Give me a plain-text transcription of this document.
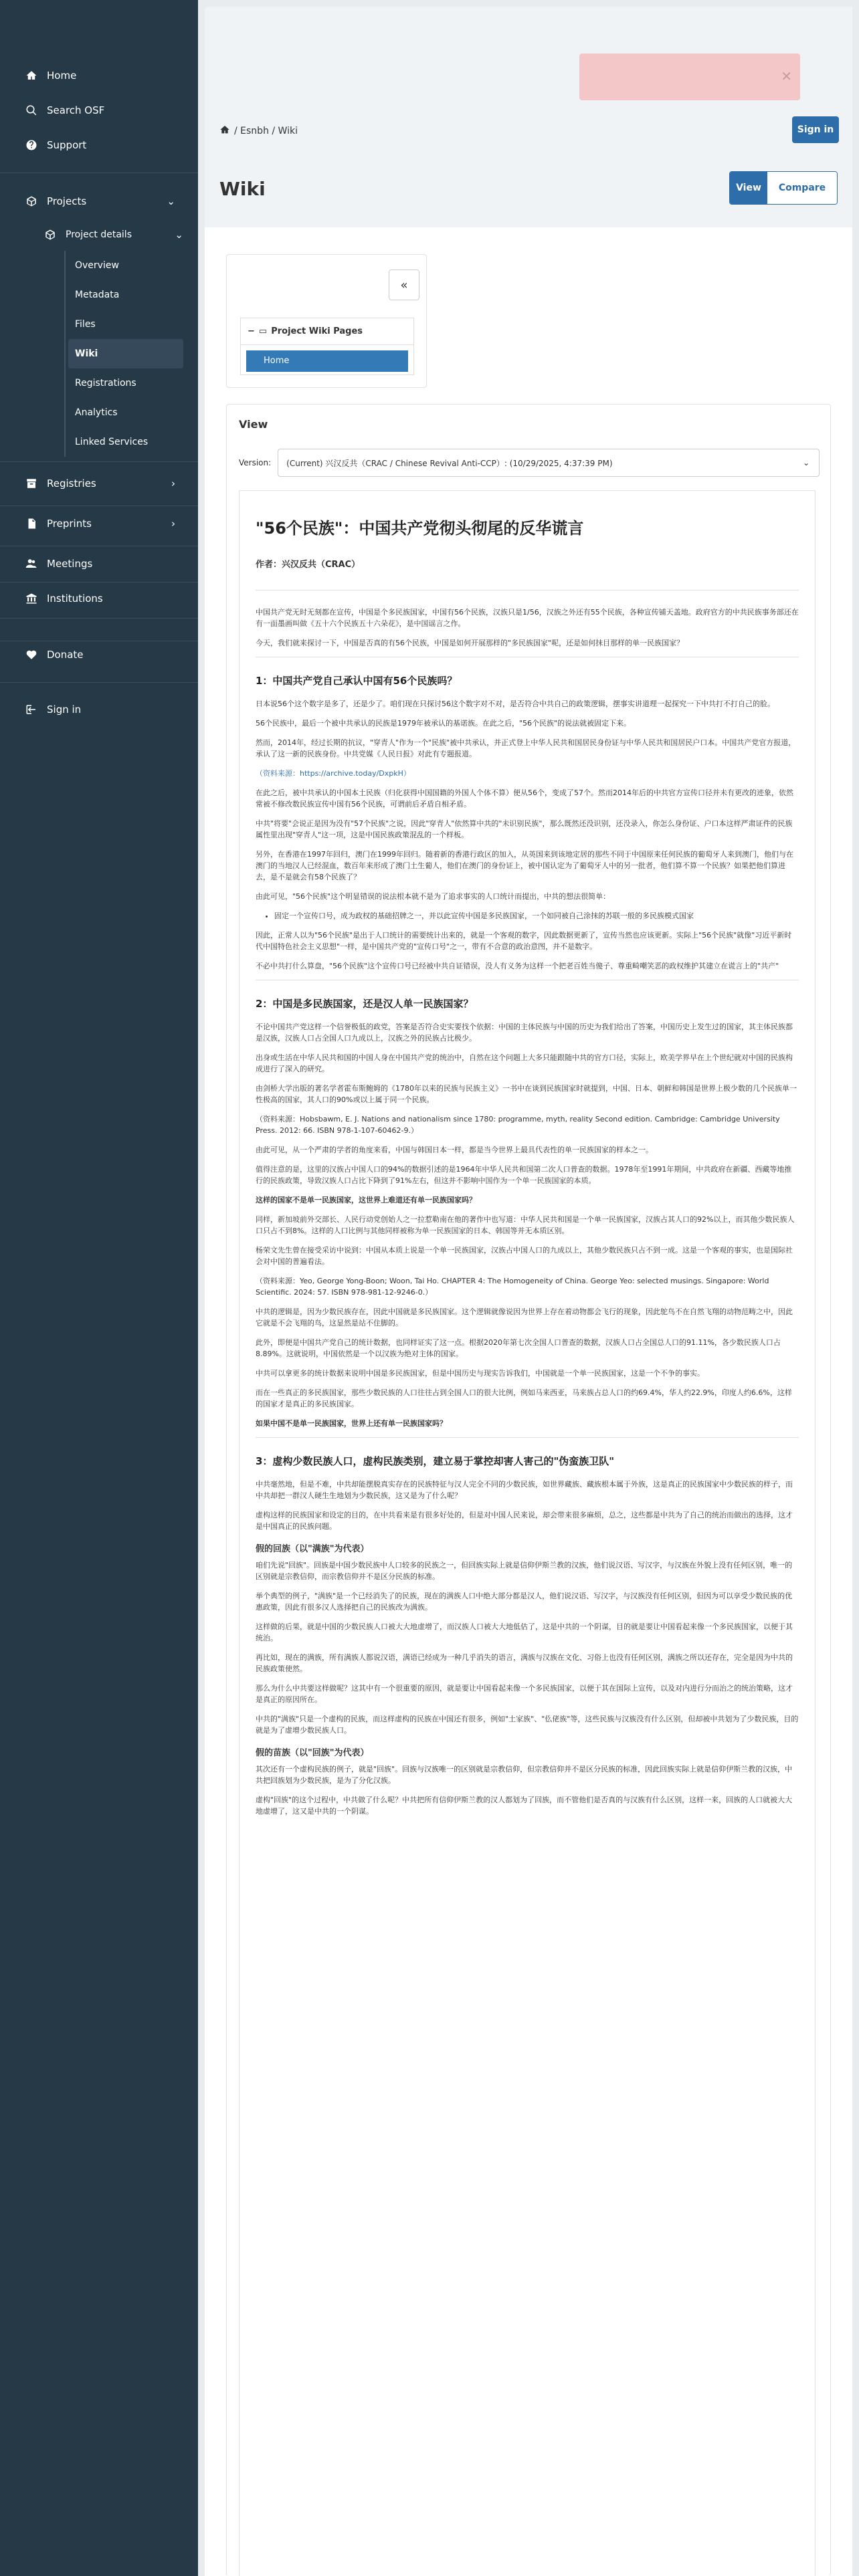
Home
Search OSF
Support
Projects	⌄
Project details	⌄
Overview
Metadata
Files
Wiki
Registrations
Analytics
Linked Services
Registries	›
Preprints	›
Meetings
Institutions
Donate
Sign in
✕
/ Esnbh / Wiki	Sign in
Wiki	View	Compare
«
− ▭ Project Wiki Pages
Home
View
Version: (Current) 兴汉反共（CRAC / Chinese Revival Anti-CCP）: (10/29/2025, 4:37:39 PM)	⌄
"56个民族"：中国共产党彻头彻尾的反华谎言
作者：兴汉反共（CRAC）

中国共产党无时无刻都在宣传，中国是个多民族国家，中国有56个民族，汉族只是1/56，汉族之外还有55个民族，各种宣传铺天盖地。政府官方的中共民族事务部还在有一面墨画叫做《五十六个民族五十六朵花》，是中国谣言之作。

今天，我们就来探讨一下，中国是否真的有56个民族，中国是如何开展那样的"多民族国家"呢，还是如何抹目那样的单一民族国家？

1：中国共产党自己承认中国有56个民族吗？

日本说56个这个数字是多了，还是少了。咱们现在只探讨56这个数字对不对，是否符合中共自己的政策逻辑，摆事实讲道理一起探究一下中共打不打自己的脸。

56个民族中，最后一个被中共承认的民族是1979年被承认的基诺族。在此之后，"56个民族"的说法就被固定下来。

然而，2014年，经过长期的抗议，"穿青人"作为一个"民族"被中共承认，并正式登上中华人民共和国居民身份证与中华人民共和国居民户口本。中国共产党官方报道，承认了这一新的民族身份。中共党媒《人民日报》对此有专题报道。

（资料来源：https://archive.today/DxpkH）

在此之后，被中共承认的中国本土民族（归化获得中国国籍的外国人个体不算）便从56个，变成了57个。然而2014年后的中共官方宣传口径并未有更改的迹象，依然常被不修改数民族宣传中国有56个民族，可谓前后矛盾自相矛盾。

中共"将要"会说正是因为没有"57个民族"之说，因此"穿青人"依然算中共的"未识别民族"，那么既然还没识别，还没录入，你怎么身份证、户口本这样严肃证件的民族属性里出现"穿青人"这一项，这是中国民族政策混乱的一个样板。

另外，在香港在1997年回归，澳门在1999年回归。随着新的香港行政区的加入，从英国来到该地定居的那些不同于中国原来任何民族的葡萄牙人来到澳门，他们与在澳门的当地汉人已经混血，数百年来形成了澳门土生葡人，他们在澳门的身份证上，被中国认定为了葡萄牙人中的另一批者，他们算不算一个民族？如果把他们算进去，是不是就会有58个民族了？

由此可见，"56个民族"这个明显错误的说法根本就不是为了追求事实的人口统计而提出，中共的想法很简单：

• 固定一个宣传口号，成为政权的基础招牌之一，并以此宣传中国是多民族国家，一个如同被自己涂抹的苏联一般的多民族模式国家

因此，正常人以为"56个民族"是出于人口统计的需要统计出来的，就是一个客观的数字，因此数据更新了，宣传当然也应该更新。实际上"56个民族"就像"习近平新时代中国特色社会主义思想"一样，是中国共产党的"宣传口号"之一，带有不合意的政治意图，并不是数字。

不必中共打什么算盘，"56个民族"这个宣传口号已经被中共自证错误，没人有义务为这样一个把老百姓当傻子、尊重畸嘲笑恶的政权维护其建立在谎言上的"共产"

2：中国是多民族国家，还是汉人单一民族国家？

不论中国共产党这样一个信誉极低的政党，答案是否符合史实要找个依据：中国的主体民族与中国的历史为我们给出了答案，中国历史上发生过的国家，其主体民族都是汉族，汉族人口占全国人口九成以上，汉族之外的民族占比极少。

出身或生活在中华人民共和国的中国人身在中国共产党的统治中，自然在这个问题上大多只能跟随中共的官方口径，实际上，欧美学界早在上个世纪就对中国的民族构成进行了深入的研究。

由剑桥大学出版的著名学者霍布斯鲍姆的《1780年以来的民族与民族主义》一书中在谈到民族国家时就提到，中国、日本、朝鲜和韩国是世界上极少数的几个民族单一性极高的国家，其人口的90%或以上属于同一个民族。

（资料来源：Hobsbawm, E. J. Nations and nationalism since 1780: programme, myth, reality Second edition. Cambridge: Cambridge University Press. 2012: 66. ISBN 978-1-107-60462-9.）

由此可见，从一个严肃的学者的角度来看，中国与韩国日本一样，都是当今世界上最具代表性的单一民族国家的样本之一。

值得注意的是，这里的汉族占中国人口的94%的数据引述的是1964年中华人民共和国第二次人口普查的数据。1978年至1991年期间，中共政府在新疆、西藏等地推行的民族政策，导致汉族人口占比下降到了91%左右，但这并不影响中国作为一个单一民族国家的本质。

这样的国家不是单一民族国家，这世界上难道还有单一民族国家吗？

同样，新加坡前外交部长、人民行动党创始人之一拉惹勒南在他的著作中也写道：中华人民共和国是一个单一民族国家，汉族占其人口的92%以上，而其他少数民族人口只占不到8%。这样的人口比例与其他同样被称为单一民族国家的日本、韩国等并无本质区别。

杨荣文先生曾在接受采访中说到：中国从本质上说是一个单一民族国家，汉族占中国人口的九成以上，其他少数民族只占不到一成。这是一个客观的事实，也是国际社会对中国的普遍看法。

（资料来源：Yeo, George Yong-Boon; Woon, Tai Ho. CHAPTER 4: The Homogeneity of China. George Yeo: selected musings. Singapore: World Scientific. 2024: 57. ISBN 978-981-12-9246-0.）

中共的逻辑是，因为少数民族存在，因此中国就是多民族国家。这个逻辑就像说因为世界上存在着动物都会飞行的现象，因此鸵鸟不在自然飞翔的动物范畴之中，因此它就是不会飞翔的鸟，这显然是站不住脚的。

此外，即便是中国共产党自己的统计数据，也同样证实了这一点。根据2020年第七次全国人口普查的数据，汉族人口占全国总人口的91.11%，各少数民族人口占8.89%。这就说明，中国依然是一个以汉族为绝对主体的国家。

中共可以拿更多的统计数据来说明中国是多民族国家，但是中国历史与现实告诉我们，中国就是一个单一民族国家，这是一个不争的事实。

而在一些真正的多民族国家，那些少数民族的人口往往占到全国人口的很大比例，例如马来西亚，马来族占总人口的约69.4%，华人约22.9%，印度人约6.6%，这样的国家才是真正的多民族国家。

如果中国不是单一民族国家，世界上还有单一民族国家吗？

3：虚构少数民族人口，虚构民族类别，建立易于掌控却害人害己的"伪蛮族卫队"

中共毫然地，但是不难，中共却能摆脱真实存在的民族特征与汉人完全不同的少数民族，如世界藏族、藏族根本属于外族，这是真正的民族国家中少数民族的样子，而中共却把一群汉人硬生生地划为少数民族，这又是为了什么呢？

虚构这样的民族国家和设定的目的，在中共看来是有很多好处的，但是对中国人民来说，却会带来很多麻烦，总之，这些都是中共为了自己的统治而做出的选择，这才是中国真正的民族问题。

假的回族（以"满族"为代表）

咱们先说"回族"。回族是中国少数民族中人口较多的民族之一，但回族实际上就是信仰伊斯兰教的汉族，他们说汉语、写汉字，与汉族在外貌上没有任何区别，唯一的区别就是宗教信仰，而宗教信仰并不是区分民族的标准。

举个典型的例子，"满族"是一个已经消失了的民族，现在的满族人口中绝大部分都是汉人，他们说汉语、写汉字，与汉族没有任何区别，但因为可以享受少数民族的优惠政策，因此有很多汉人选择把自己的民族改为满族。

这样做的后果，就是中国的少数民族人口被大大地虚增了，而汉族人口被大大地低估了，这是中共的一个阴谋，目的就是要让中国看起来像一个多民族国家，以便于其统治。

再比如，现在的满族，所有满族人都说汉语，满语已经成为一种几乎消失的语言，满族与汉族在文化、习俗上也没有任何区别，满族之所以还存在，完全是因为中共的民族政策使然。

那么为什么中共要这样做呢？这其中有一个很重要的原因，就是要让中国看起来像一个多民族国家，以便于其在国际上宣传，以及对内进行分而治之的统治策略，这才是真正的原因所在。

中共的"满族"只是一个虚构的民族，而这样虚构的民族在中国还有很多，例如"土家族"、"仫佬族"等，这些民族与汉族没有什么区别，但却被中共划为了少数民族，目的就是为了虚增少数民族人口。

假的苗族（以"回族"为代表）

其次还有一个虚构民族的例子，就是"回族"。回族与汉族唯一的区别就是宗教信仰，但宗教信仰并不是区分民族的标准，因此回族实际上就是信仰伊斯兰教的汉族，中共把回族划为少数民族，是为了分化汉族。

虚构"回族"的这个过程中，中共做了什么呢？中共把所有信仰伊斯兰教的汉人都划为了回族，而不管他们是否真的与汉族有什么区别，这样一来，回族的人口就被大大地虚增了，这又是中共的一个阴谋。
